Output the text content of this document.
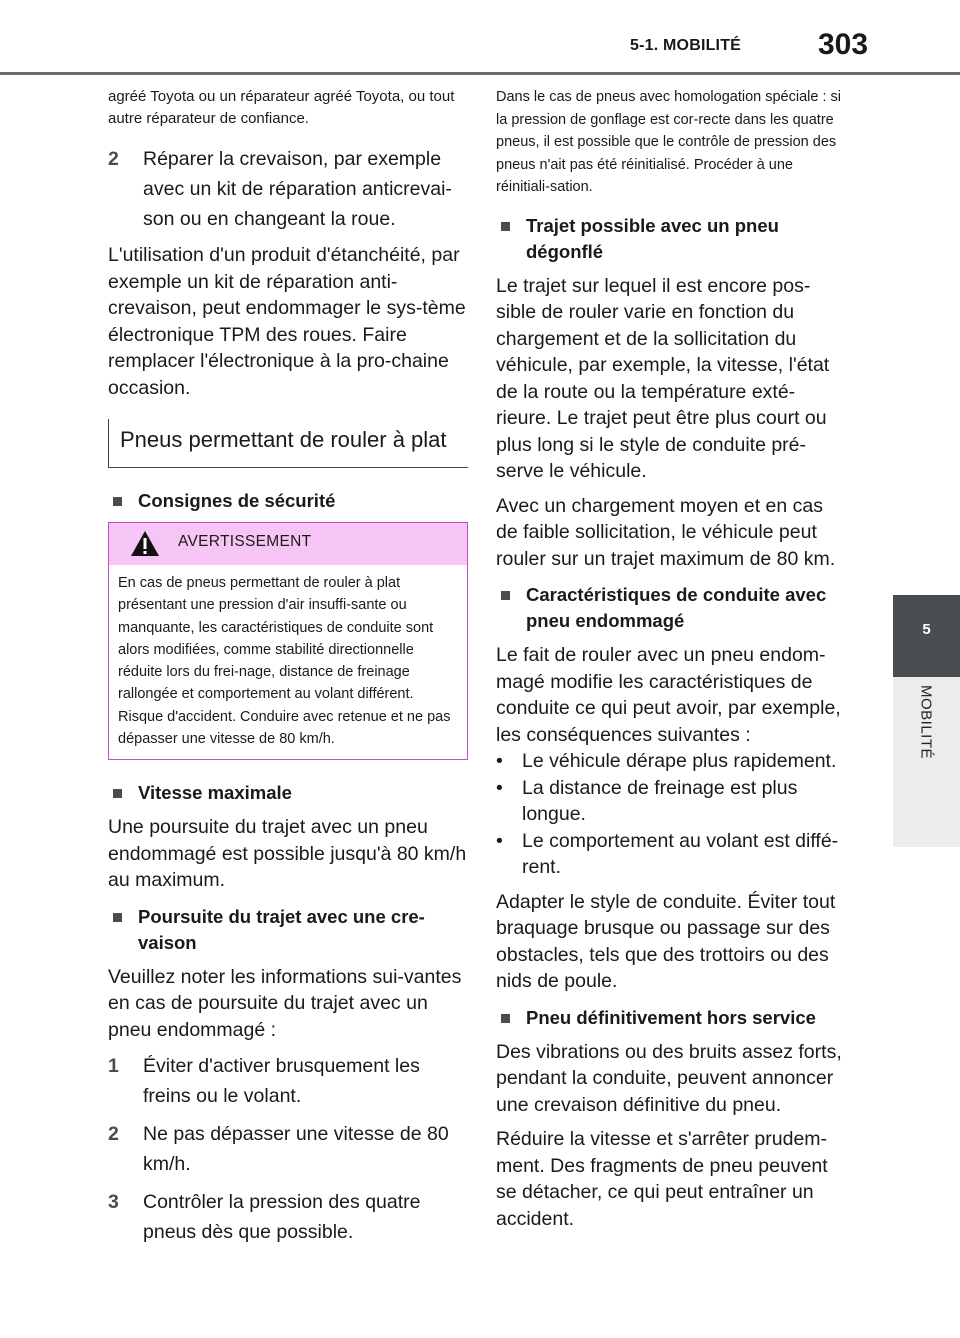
5-1. MOBILITÉ	303
5
MOBILITÉ

agréé Toyota ou un réparateur agréé Toyota, ou tout autre réparateur de confiance.

2	Réparer la crevaison, par exemple avec un kit de réparation anticrevai-son ou en changeant la roue.

L'utilisation d'un produit d'étanchéité, par exemple un kit de réparation anti-crevaison, peut endommager le sys-tème électronique TPM des roues. Faire remplacer l'électronique à la pro-chaine occasion.

Pneus permettant de rouler à plat
Consignes de sécurité
AVERTISSEMENT
En cas de pneus permettant de rouler à plat présentant une pression d'air insuffi-sante ou manquante, les caractéristiques de conduite sont alors modifiées, comme stabilité directionnelle réduite lors du frei-nage, distance de freinage rallongée et comportement au volant différent. Risque d'accident. Conduire avec retenue et ne pas dépasser une vitesse de 80 km/h.
Vitesse maximale

Une poursuite du trajet avec un pneu endommagé est possible jusqu'à 80 km/h au maximum.

Poursuite du trajet avec une cre-vaison

Veuillez noter les informations sui-vantes en cas de poursuite du trajet avec un pneu endommagé :

1	Éviter d'activer brusquement les freins ou le volant.
2	Ne pas dépasser une vitesse de 80 km/h.
3	Contrôler la pression des quatre pneus dès que possible.

Dans le cas de pneus avec homologation spéciale : si la pression de gonflage est cor-recte dans les quatre pneus, il est possible que le contrôle de pression des pneus n'ait pas été réinitialisé. Procéder à une réinitiali-sation.

Trajet possible avec un pneu dégonflé

Le trajet sur lequel il est encore pos-sible de rouler varie en fonction du chargement et de la sollicitation du véhicule, par exemple, la vitesse, l'état de la route ou la température exté-rieure. Le trajet peut être plus court ou plus long si le style de conduite pré-serve le véhicule.

Avec un chargement moyen et en cas de faible sollicitation, le véhicule peut rouler sur un trajet maximum de 80 km.

Caractéristiques de conduite avec pneu endommagé

Le fait de rouler avec un pneu endom-magé modifie les caractéristiques de conduite ce qui peut avoir, par exemple, les conséquences suivantes :

• Le véhicule dérape plus rapidement.
• La distance de freinage est plus longue.
• Le comportement au volant est diffé-rent.

Adapter le style de conduite. Éviter tout braquage brusque ou passage sur des obstacles, tels que des trottoirs ou des nids de poule.

Pneu définitivement hors service

Des vibrations ou des bruits assez forts, pendant la conduite, peuvent annoncer une crevaison définitive du pneu.

Réduire la vitesse et s'arrêter prudem-ment. Des fragments de pneu peuvent se détacher, ce qui peut entraîner un accident.
